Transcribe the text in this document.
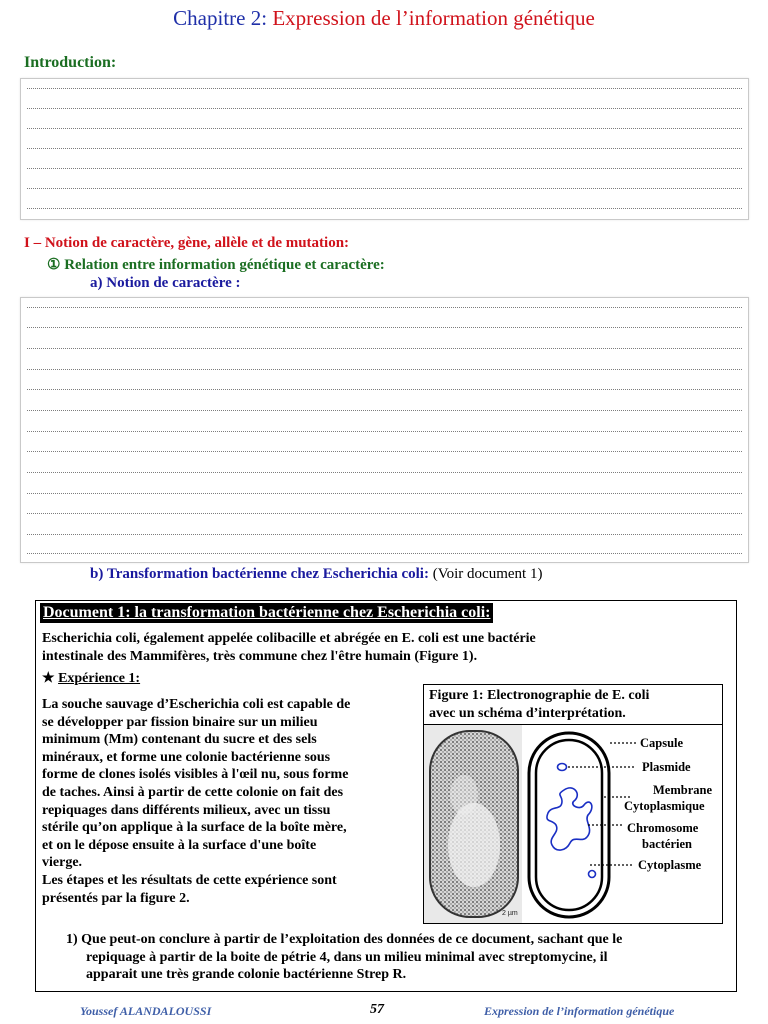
Chapitre 2: Expression de l’information génétique
Introduction:
I – Notion de caractère, gène, allèle et de mutation:
① Relation entre information génétique et caractère:
a) Notion de caractère :
b) Transformation bactérienne chez Escherichia coli: (Voir document 1)
Document 1: la transformation bactérienne chez Escherichia coli:
Escherichia coli, également appelée colibacille et abrégée en E. coli est une bactérie
intestinale des Mammifères, très commune chez l'être humain (Figure 1).
★ Expérience 1:
La souche sauvage d’Escherichia coli est capable de
se développer par fission binaire sur un milieu
minimum (Mm) contenant du sucre et des sels
minéraux, et forme une colonie bactérienne sous
forme de clones isolés visibles à l'œil nu, sous forme
de taches. Ainsi à partir de cette colonie on fait des
repiquages dans différents milieux, avec un tissu
stérile qu’on applique à la surface de la boîte mère,
et on le dépose ensuite à la surface d'une boîte
vierge.
Les étapes et les résultats de cette expérience sont
présentés par la figure 2.
Figure 1: Electronographie de E. coli
avec un schéma d’interprétation.
2 µm
Capsule
Plasmide
Membrane
Cytoplasmique
Chromosome
bactérien
Cytoplasme
1) Que peut-on conclure à partir de l’exploitation des données de ce document, sachant que le
repiquage à partir de la boite de pétrie 4, dans un milieu minimal avec streptomycine, il
apparait une très grande colonie bactérienne Strep R.
Youssef ALANDALOUSSI	57	Expression de l’information génétique
